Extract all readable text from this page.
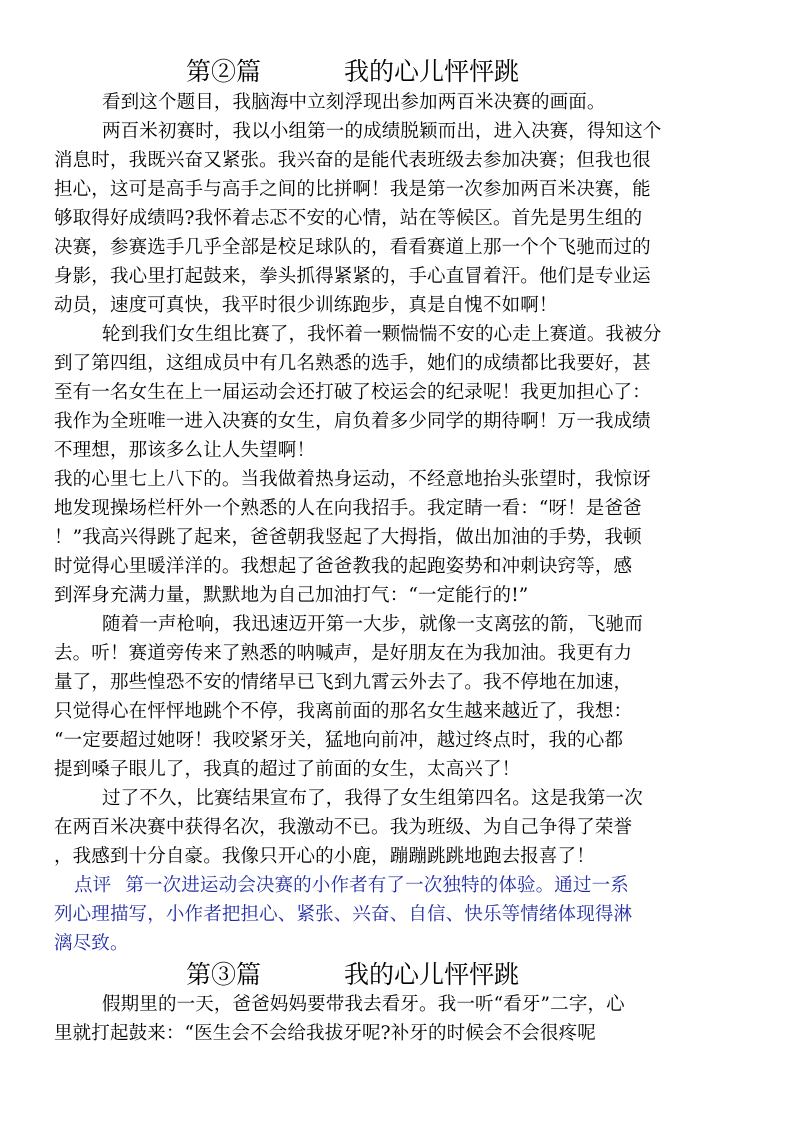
第②篇	我的心儿怦怦跳
看到这个题目，我脑海中立刻浮现出参加两百米决赛的画面。
两百米初赛时，我以小组第一的成绩脱颖而出，进入决赛，得知这个
消息时，我既兴奋又紧张。我兴奋的是能代表班级去参加决赛；但我也很
担心，这可是高手与高手之间的比拼啊！我是第一次参加两百米决赛，能
够取得好成绩吗?我怀着忐忑不安的心情，站在等候区。首先是男生组的
决赛，参赛选手几乎全部是校足球队的，看看赛道上那一个个飞驰而过的
身影，我心里打起鼓来，拳头抓得紧紧的，手心直冒着汗。他们是专业运
动员，速度可真快，我平时很少训练跑步，真是自愧不如啊！
轮到我们女生组比赛了，我怀着一颗惴惴不安的心走上赛道。我被分
到了第四组，这组成员中有几名熟悉的选手，她们的成绩都比我要好，甚
至有一名女生在上一届运动会还打破了校运会的纪录呢！我更加担心了：
我作为全班唯一进入决赛的女生，肩负着多少同学的期待啊！万一我成绩
不理想，那该多么让人失望啊！
我的心里七上八下的。当我做着热身运动，不经意地抬头张望时，我惊讶
地发现操场栏杆外一个熟悉的人在向我招手。我定睛一看：“呀！是爸爸
！”我高兴得跳了起来，爸爸朝我竖起了大拇指，做出加油的手势，我顿
时觉得心里暖洋洋的。我想起了爸爸教我的起跑姿势和冲刺诀窍等，感
到浑身充满力量，默默地为自己加油打气：“一定能行的!”
随着一声枪响，我迅速迈开第一大步，就像一支离弦的箭，飞驰而
去。听！赛道旁传来了熟悉的呐喊声，是好朋友在为我加油。我更有力
量了，那些惶恐不安的情绪早已飞到九霄云外去了。我不停地在加速，
只觉得心在怦怦地跳个不停，我离前面的那名女生越来越近了，我想：
“一定要超过她呀！我咬紧牙关，猛地向前冲，越过终点时，我的心都
提到嗓子眼儿了，我真的超过了前面的女生，太高兴了！
过了不久，比赛结果宣布了，我得了女生组第四名。这是我第一次
在两百米决赛中获得名次，我激动不已。我为班级、为自己争得了荣誉
，我感到十分自豪。我像只开心的小鹿，蹦蹦跳跳地跑去报喜了！
点评 第一次进运动会决赛的小作者有了一次独特的体验。通过一系
列心理描写，小作者把担心、紧张、兴奋、自信、快乐等情绪体现得淋
漓尽致。
第③篇	我的心儿怦怦跳
假期里的一天，爸爸妈妈要带我去看牙。我一听“看牙”二字，心
里就打起鼓来：“医生会不会给我拔牙呢?补牙的时候会不会很疼呢
